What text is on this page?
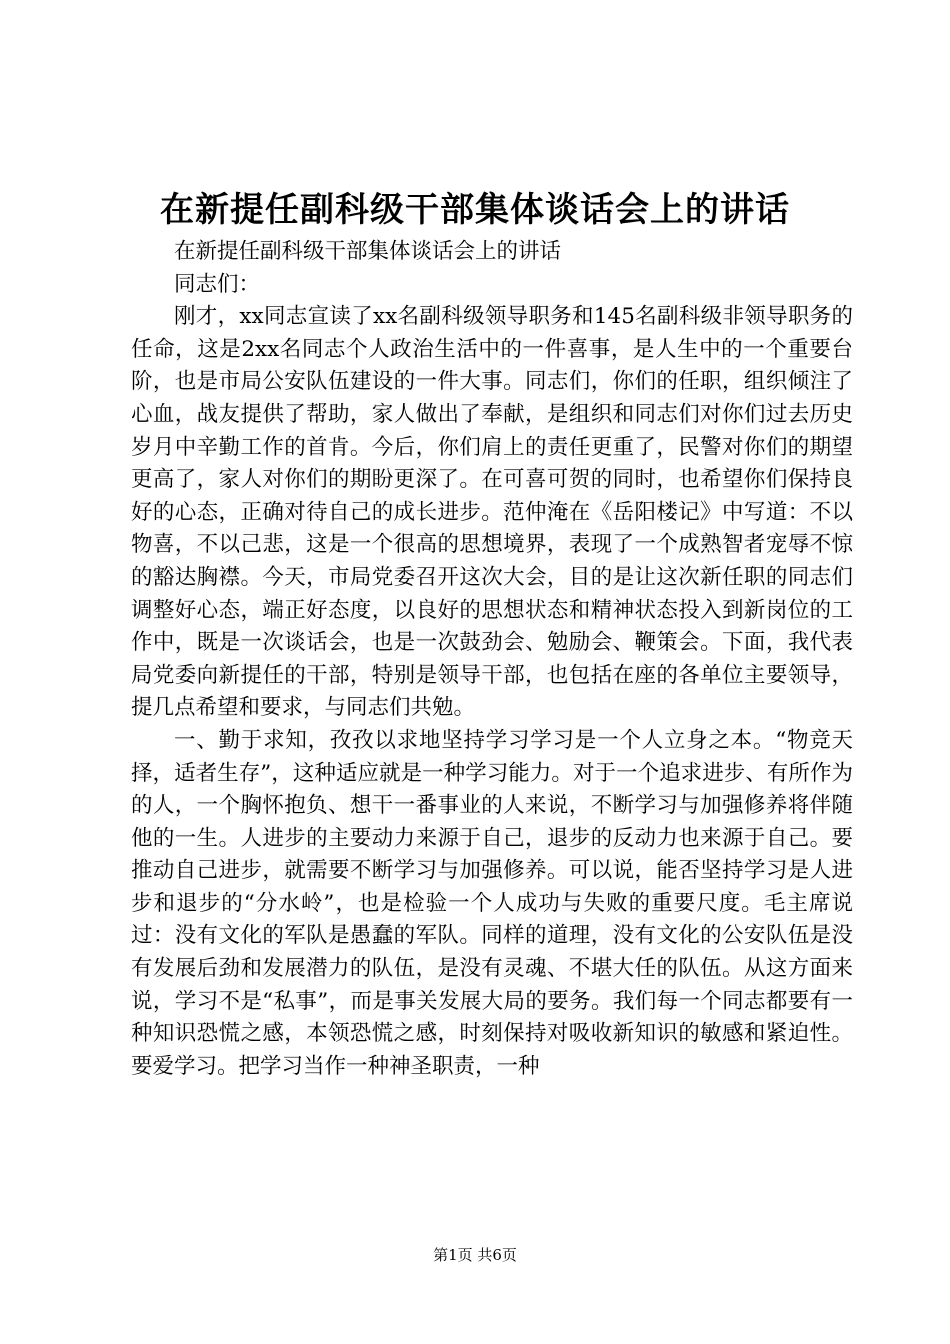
在新提任副科级干部集体谈话会上的讲话

在新提任副科级干部集体谈话会上的讲话

同志们：

刚才，xx同志宣读了xx名副科级领导职务和145名副科级非领导职务的任命，这是2xx名同志个人政治生活中的一件喜事，是人生中的一个重要台阶，也是市局公安队伍建设的一件大事。同志们，你们的任职，组织倾注了心血，战友提供了帮助，家人做出了奉献，是组织和同志们对你们过去历史岁月中辛勤工作的首肯。今后，你们肩上的责任更重了，民警对你们的期望更高了，家人对你们的期盼更深了。在可喜可贺的同时，也希望你们保持良好的心态，正确对待自己的成长进步。范仲淹在《岳阳楼记》中写道：不以物喜，不以己悲，这是一个很高的思想境界，表现了一个成熟智者宠辱不惊的豁达胸襟。今天，市局党委召开这次大会，目的是让这次新任职的同志们调整好心态，端正好态度，以良好的思想状态和精神状态投入到新岗位的工作中，既是一次谈话会，也是一次鼓劲会、勉励会、鞭策会。下面，我代表局党委向新提任的干部，特别是领导干部，也包括在座的各单位主要领导，提几点希望和要求，与同志们共勉。

一、勤于求知，孜孜以求地坚持学习学习是一个人立身之本。“物竞天择，适者生存”，这种适应就是一种学习能力。对于一个追求进步、有所作为的人，一个胸怀抱负、想干一番事业的人来说，不断学习与加强修养将伴随他的一生。人进步的主要动力来源于自己，退步的反动力也来源于自己。要推动自己进步，就需要不断学习与加强修养。可以说，能否坚持学习是人进步和退步的“分水岭”，也是检验一个人成功与失败的重要尺度。毛主席说过：没有文化的军队是愚蠢的军队。同样的道理，没有文化的公安队伍是没有发展后劲和发展潜力的队伍，是没有灵魂、不堪大任的队伍。从这方面来说，学习不是“私事”，而是事关发展大局的要务。我们每一个同志都要有一种知识恐慌之感，本领恐慌之感，时刻保持对吸收新知识的敏感和紧迫性。要爱学习。把学习当作一种神圣职责，一种

第1页 共6页
